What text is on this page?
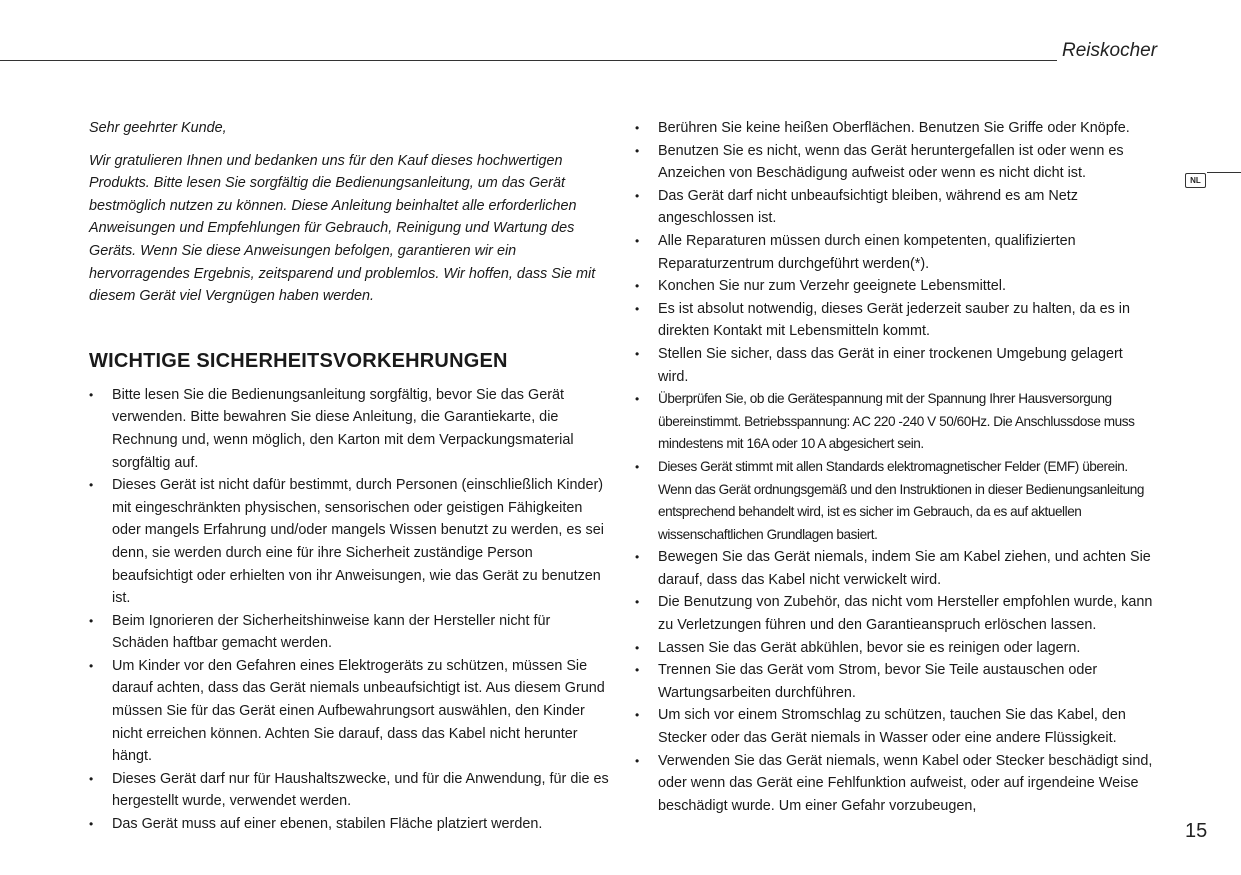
Reiskocher
NL

Sehr geehrter Kunde,

Wir gratulieren Ihnen und bedanken uns für den Kauf dieses hochwertigen Produkts. Bitte lesen Sie sorgfältig die Bedienungsanleitung, um das Gerät bestmöglich nutzen zu können. Diese Anleitung beinhaltet alle erforderlichen Anweisungen und Empfehlungen für Gebrauch, Reinigung und Wartung des Geräts. Wenn Sie diese Anweisungen befolgen, garantieren wir ein hervorragendes Ergebnis, zeitsparend und problemlos. Wir hoffen, dass Sie mit diesem Gerät viel Vergnügen haben werden.

WICHTIGE SICHERHEITSVORKEHRUNGEN
• Bitte lesen Sie die Bedienungsanleitung sorgfältig, bevor Sie das Gerät verwenden. Bitte bewahren Sie diese Anleitung, die Garantiekarte, die Rechnung und, wenn möglich, den Karton mit dem Verpackungsmaterial sorgfältig auf.
• Dieses Gerät ist nicht dafür bestimmt, durch Personen (einschließlich Kinder) mit eingeschränkten physischen, sensorischen oder geistigen Fähigkeiten oder mangels Erfahrung und/oder mangels Wissen benutzt zu werden, es sei denn, sie werden durch eine für ihre Sicherheit zuständige Person beaufsichtigt oder erhielten von ihr Anweisungen, wie das Gerät zu benutzen ist.
• Beim Ignorieren der Sicherheitshinweise kann der Hersteller nicht für Schäden haftbar gemacht werden.
• Um Kinder vor den Gefahren eines Elektrogeräts zu schützen, müssen Sie darauf achten, dass das Gerät niemals unbeaufsichtigt ist. Aus diesem Grund müssen Sie für das Gerät einen Aufbewahrungsort auswählen, den Kinder nicht erreichen können. Achten Sie darauf, dass das Kabel nicht herunter hängt.
• Dieses Gerät darf nur für Haushaltszwecke, und für die Anwendung, für die es hergestellt wurde, verwendet werden.
• Das Gerät muss auf einer ebenen, stabilen Fläche platziert werden.
• Berühren Sie keine heißen Oberflächen. Benutzen Sie Griffe oder Knöpfe.
• Benutzen Sie es nicht, wenn das Gerät heruntergefallen ist oder wenn es Anzeichen von Beschädigung aufweist oder wenn es nicht dicht ist.
• Das Gerät darf nicht unbeaufsichtigt bleiben, während es am Netz angeschlossen ist.
• Alle Reparaturen müssen durch einen kompetenten, qualifizierten Reparaturzentrum durchgeführt werden(*).
• Konchen Sie nur zum Verzehr geeignete Lebensmittel.
• Es ist absolut notwendig, dieses Gerät jederzeit sauber zu halten, da es in direkten Kontakt mit Lebensmitteln kommt.
• Stellen Sie sicher, dass das Gerät in einer trockenen Umgebung gelagert wird.
• Überprüfen Sie, ob die Gerätespannung mit der Spannung Ihrer Hausversorgung übereinstimmt. Betriebsspannung: AC 220 -240 V 50/60Hz. Die Anschlussdose muss mindestens mit 16A oder 10 A abgesichert sein.
• Dieses Gerät stimmt mit allen Standards elektromagnetischer Felder (EMF) überein. Wenn das Gerät ordnungsgemäß und den Instruktionen in dieser Bedienungsanleitung entsprechend behandelt wird, ist es sicher im Gebrauch, da es auf aktuellen wissenschaftlichen Grundlagen basiert.
• Bewegen Sie das Gerät niemals, indem Sie am Kabel ziehen, und achten Sie darauf, dass das Kabel nicht verwickelt wird.
• Die Benutzung von Zubehör, das nicht vom Hersteller empfohlen wurde, kann zu Verletzungen führen und den Garantieanspruch erlöschen lassen.
• Lassen Sie das Gerät abkühlen, bevor sie es reinigen oder lagern.
• Trennen Sie das Gerät vom Strom, bevor Sie Teile austauschen oder Wartungsarbeiten durchführen.
• Um sich vor einem Stromschlag zu schützen, tauchen Sie das Kabel, den Stecker oder das Gerät niemals in Wasser oder eine andere Flüssigkeit.
• Verwenden Sie das Gerät niemals, wenn Kabel oder Stecker beschädigt sind, oder wenn das Gerät eine Fehlfunktion aufweist, oder auf irgendeine Weise beschädigt wurde. Um einer Gefahr vorzubeugen,
15
